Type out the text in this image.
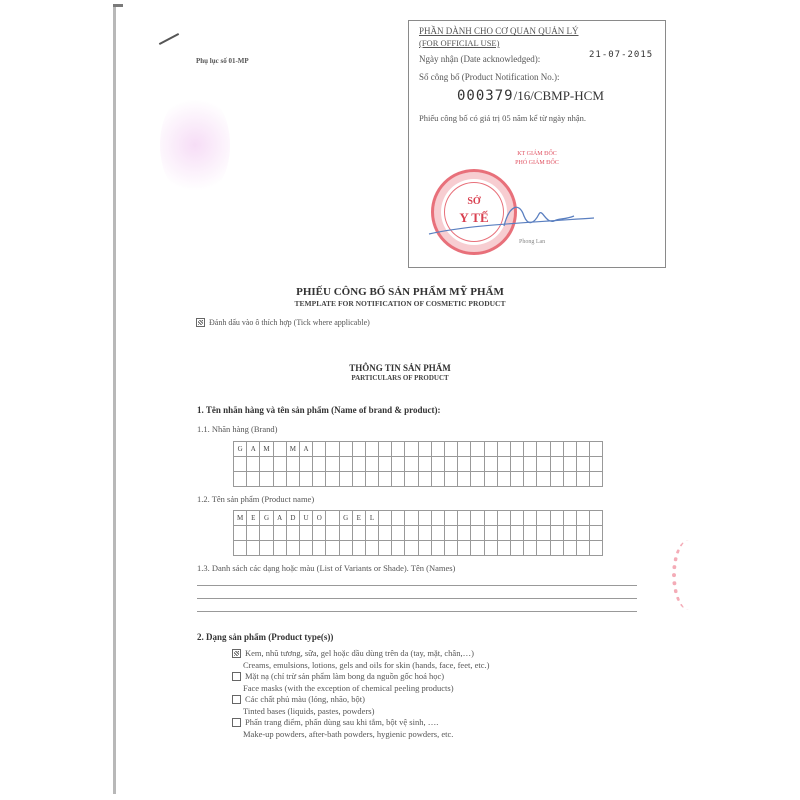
Phụ lục số 01-MP
PHẦN DÀNH CHO CƠ QUAN QUẢN LÝ
(FOR OFFICIAL USE)
Ngày nhận (Date acknowledged):	21-07-2015
Số công bố (Product Notification No.):
000379/16/CBMP-HCM
Phiếu công bố có giá trị 05 năm kể từ ngày nhận.
KT GIÁM ĐỐC
PHÓ GIÁM ĐỐC
SỞ
Y TẾ
Phong Lan
PHIẾU CÔNG BỐ SẢN PHẨM MỸ PHẨM
TEMPLATE FOR NOTIFICATION OF COSMETIC PRODUCT
Đánh dấu vào ô thích hợp (Tick where applicable)
THÔNG TIN SẢN PHẨM
PARTICULARS OF PRODUCT
1. Tên nhãn hàng và tên sản phẩm (Name of brand & product):
1.1. Nhãn hàng (Brand)
G	A	M	M	A
1.2. Tên sản phẩm (Product name)
M	E	G	A	D	U	O	G	E	L
1.3. Danh sách các dạng hoặc màu (List of Variants or Shade). Tên (Names)
2. Dạng sản phẩm (Product type(s))
Kem, nhũ tương, sữa, gel hoặc dầu dùng trên da (tay, mặt, chân,…)
Creams, emulsions, lotions, gels and oils for skin (hands, face, feet, etc.)
Mặt nạ (chỉ trừ sản phẩm làm bong da nguồn gốc hoá học)
Face masks (with the exception of chemical peeling products)
Các chất phủ màu (lỏng, nhão, bột)
Tinted bases (liquids, pastes, powders)
Phấn trang điểm, phấn dùng sau khi tắm, bột vệ sinh, ….
Make-up powders, after-bath powders, hygienic powders, etc.
